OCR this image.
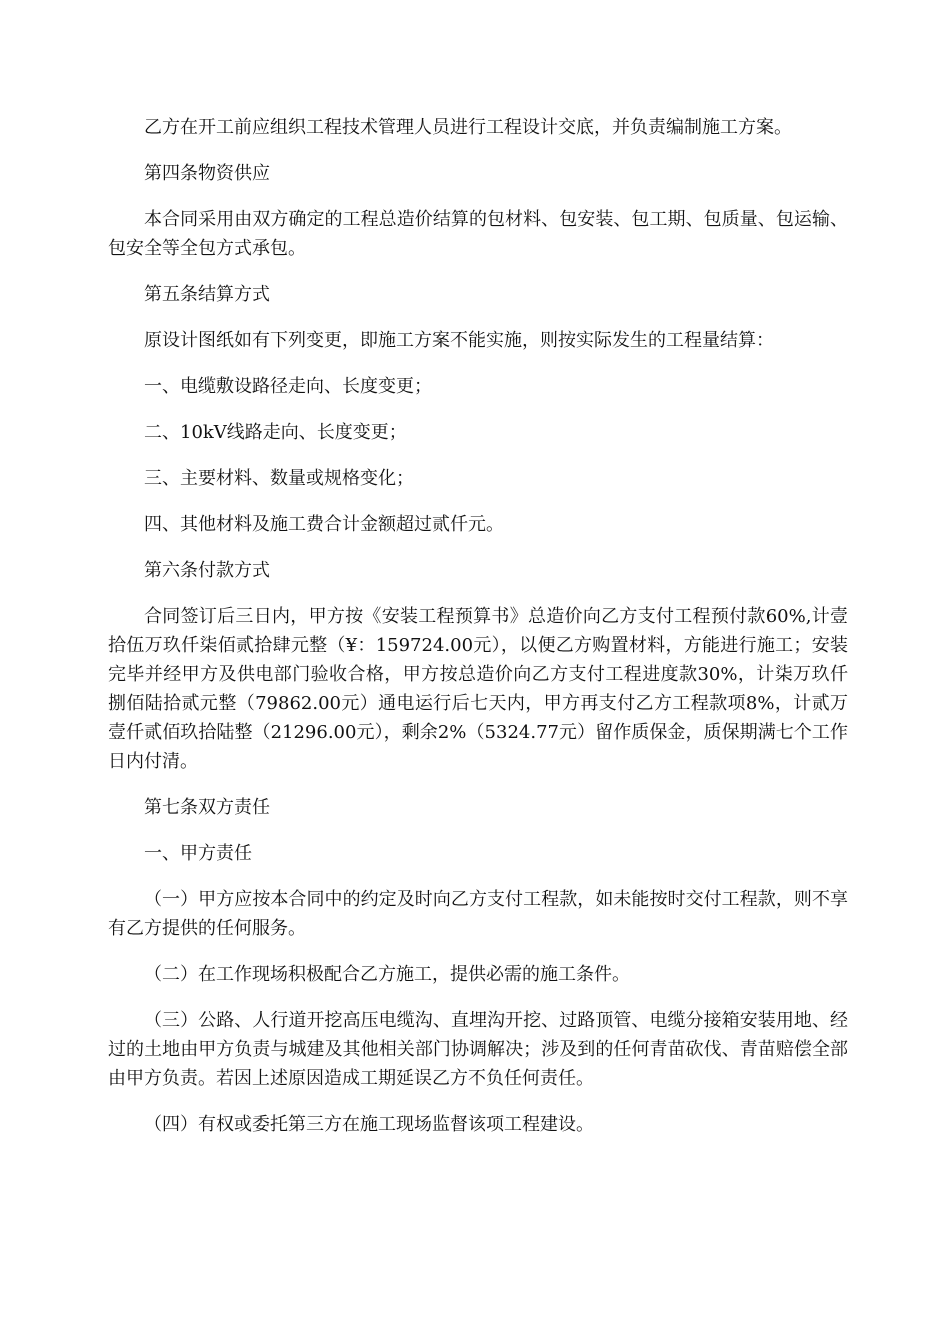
乙方在开工前应组织工程技术管理人员进行工程设计交底，并负责编制施工方案。

第四条物资供应

本合同采用由双方确定的工程总造价结算的包材料、包安装、包工期、包质量、包运输、包安全等全包方式承包。

第五条结算方式

原设计图纸如有下列变更，即施工方案不能实施，则按实际发生的工程量结算：

一、电缆敷设路径走向、长度变更；

二、10kV线路走向、长度变更；

三、主要材料、数量或规格变化；

四、其他材料及施工费合计金额超过贰仟元。

第六条付款方式

合同签订后三日内，甲方按《安装工程预算书》总造价向乙方支付工程预付款60%,计壹拾伍万玖仟柒佰贰拾肆元整（¥：159724.00元），以便乙方购置材料，方能进行施工；安装完毕并经甲方及供电部门验收合格，甲方按总造价向乙方支付工程进度款30%，计柒万玖仟捌佰陆拾贰元整（79862.00元）通电运行后七天内，甲方再支付乙方工程款项8%，计贰万壹仟贰佰玖拾陆整（21296.00元），剩余2%（5324.77元）留作质保金，质保期满七个工作日内付清。

第七条双方责任

一、甲方责任

（一）甲方应按本合同中的约定及时向乙方支付工程款，如未能按时交付工程款，则不享有乙方提供的任何服务。

（二）在工作现场积极配合乙方施工，提供必需的施工条件。

（三）公路、人行道开挖高压电缆沟、直埋沟开挖、过路顶管、电缆分接箱安装用地、经过的土地由甲方负责与城建及其他相关部门协调解决；涉及到的任何青苗砍伐、青苗赔偿全部由甲方负责。若因上述原因造成工期延误乙方不负任何责任。

（四）有权或委托第三方在施工现场监督该项工程建设。
